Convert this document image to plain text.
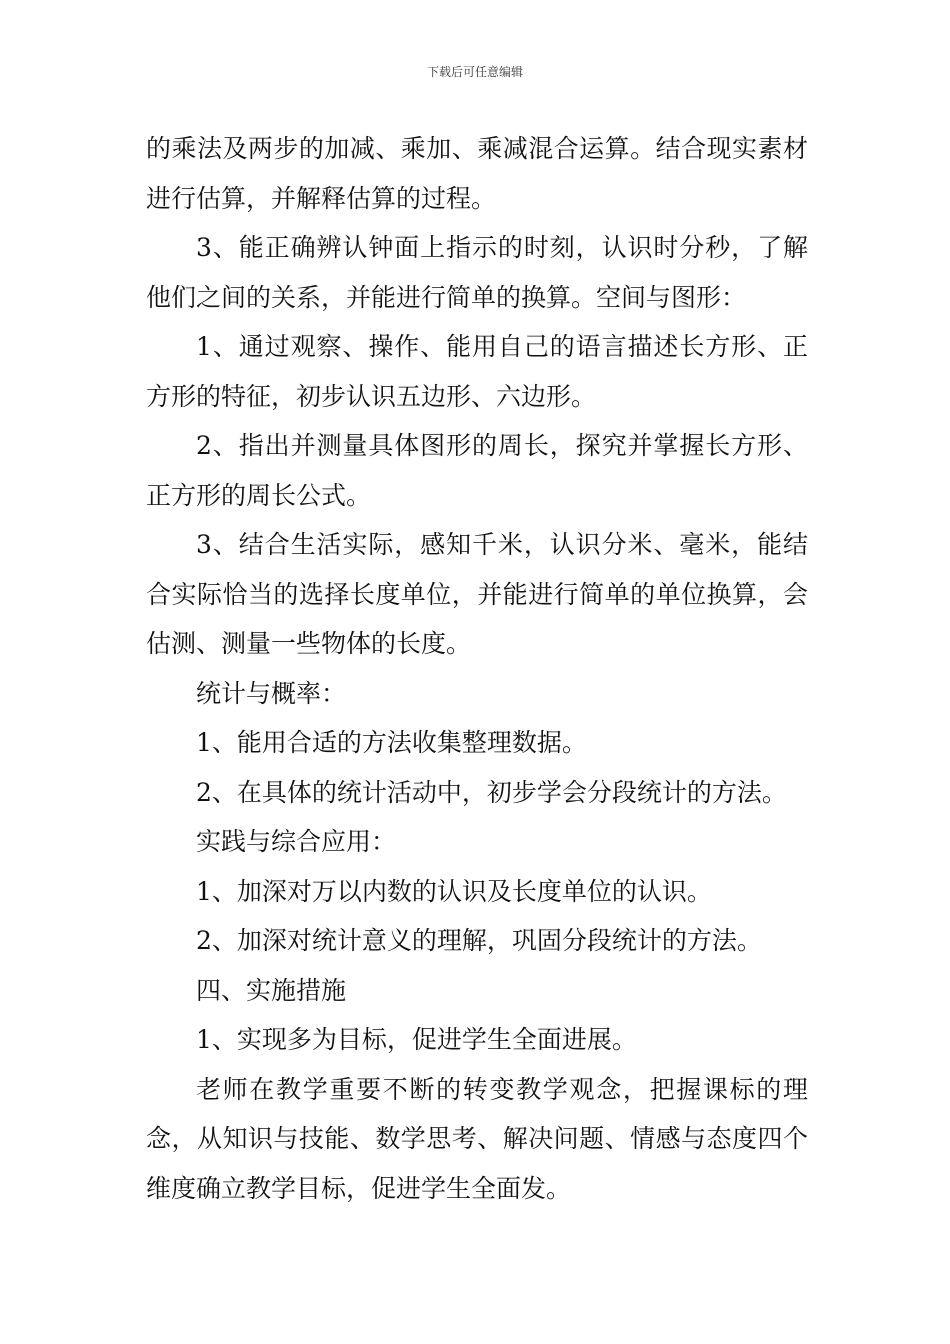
下载后可任意编辑

的乘法及两步的加减、乘加、乘减混合运算。结合现实素材进行估算，并解释估算的过程。

3、能正确辨认钟面上指示的时刻，认识时分秒，了解他们之间的关系，并能进行简单的换算。空间与图形：

1、通过观察、操作、能用自己的语言描述长方形、正方形的特征，初步认识五边形、六边形。

2、指出并测量具体图形的周长，探究并掌握长方形、正方形的周长公式。

3、结合生活实际，感知千米，认识分米、毫米，能结合实际恰当的选择长度单位，并能进行简单的单位换算，会估测、测量一些物体的长度。

统计与概率：

1、能用合适的方法收集整理数据。

2、在具体的统计活动中，初步学会分段统计的方法。

实践与综合应用：

1、加深对万以内数的认识及长度单位的认识。

2、加深对统计意义的理解，巩固分段统计的方法。

四、实施措施

1、实现多为目标，促进学生全面进展。

老师在教学重要不断的转变教学观念，把握课标的理念，从知识与技能、数学思考、解决问题、情感与态度四个维度确立教学目标，促进学生全面发。
